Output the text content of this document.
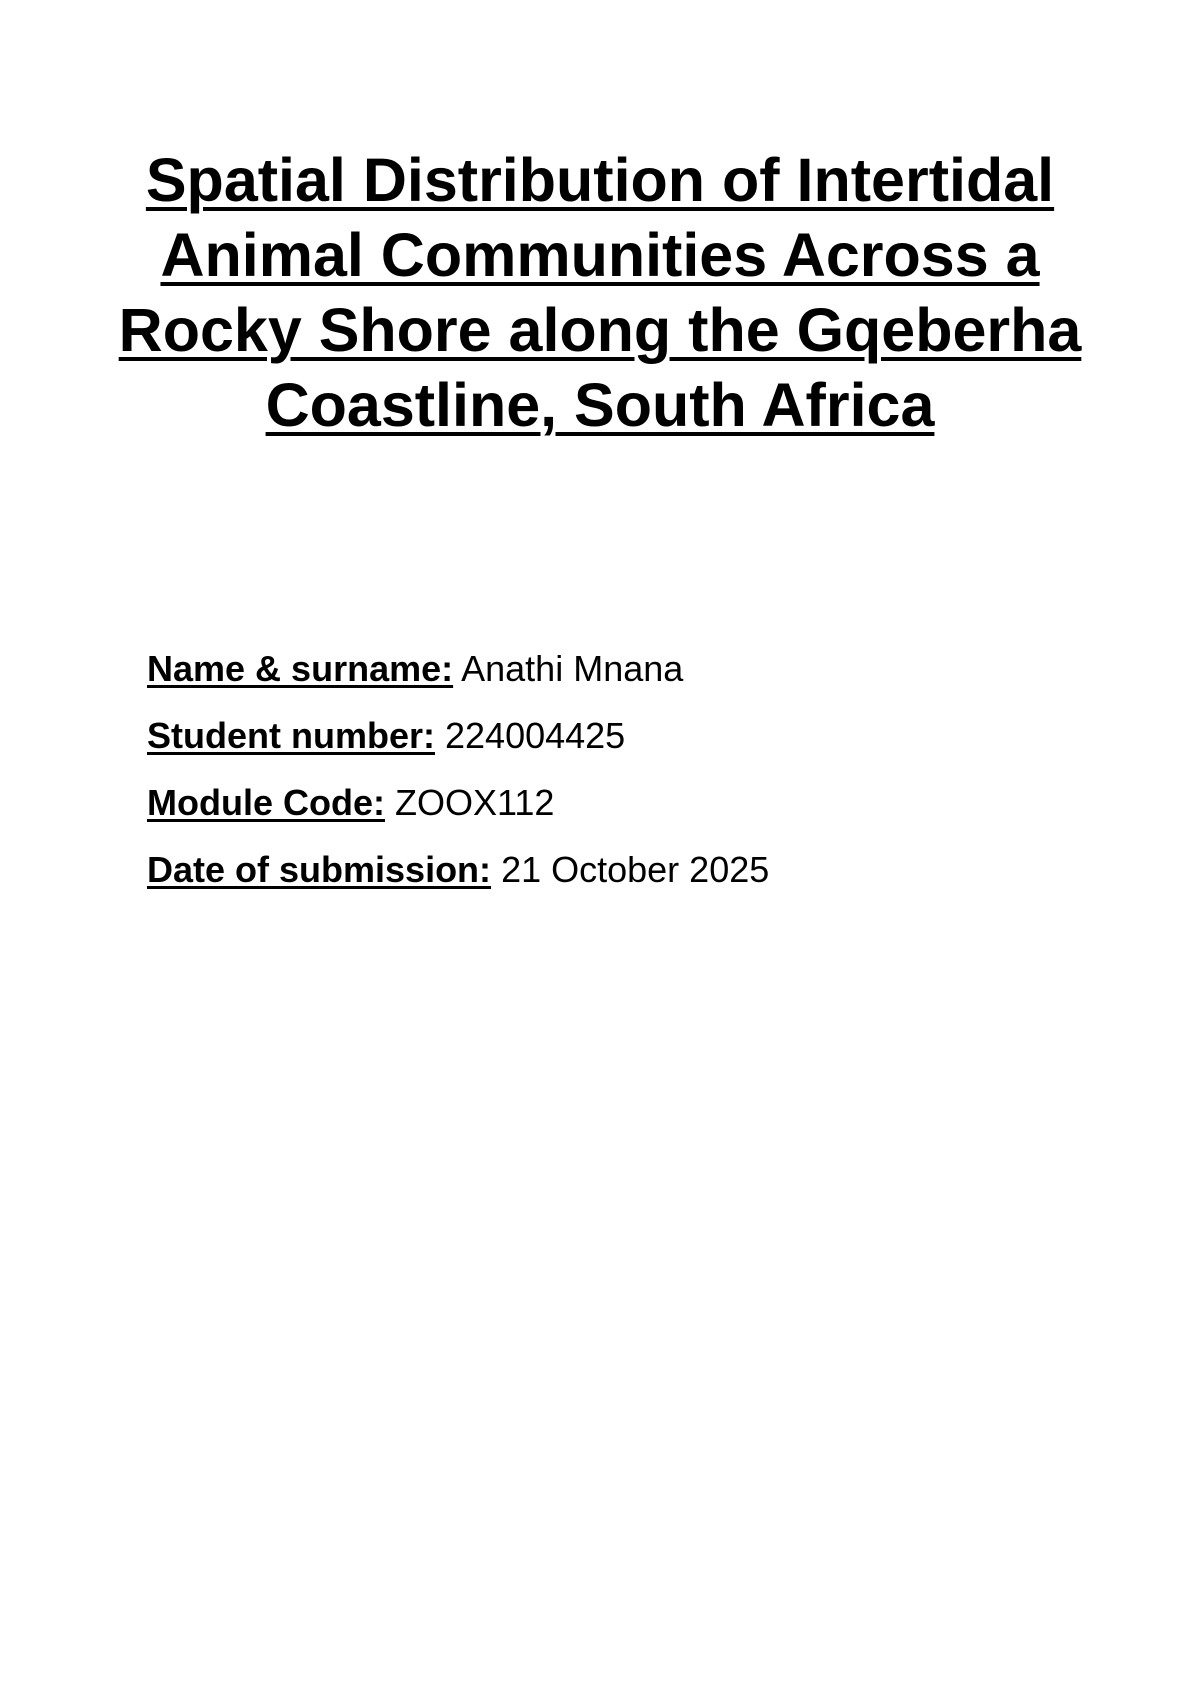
Spatial Distribution of Intertidal Animal Communities Across a Rocky Shore along the Gqeberha Coastline, South Africa
Name & surname: Anathi Mnana
Student number: 224004425
Module Code: ZOOX112
Date of submission: 21 October 2025
